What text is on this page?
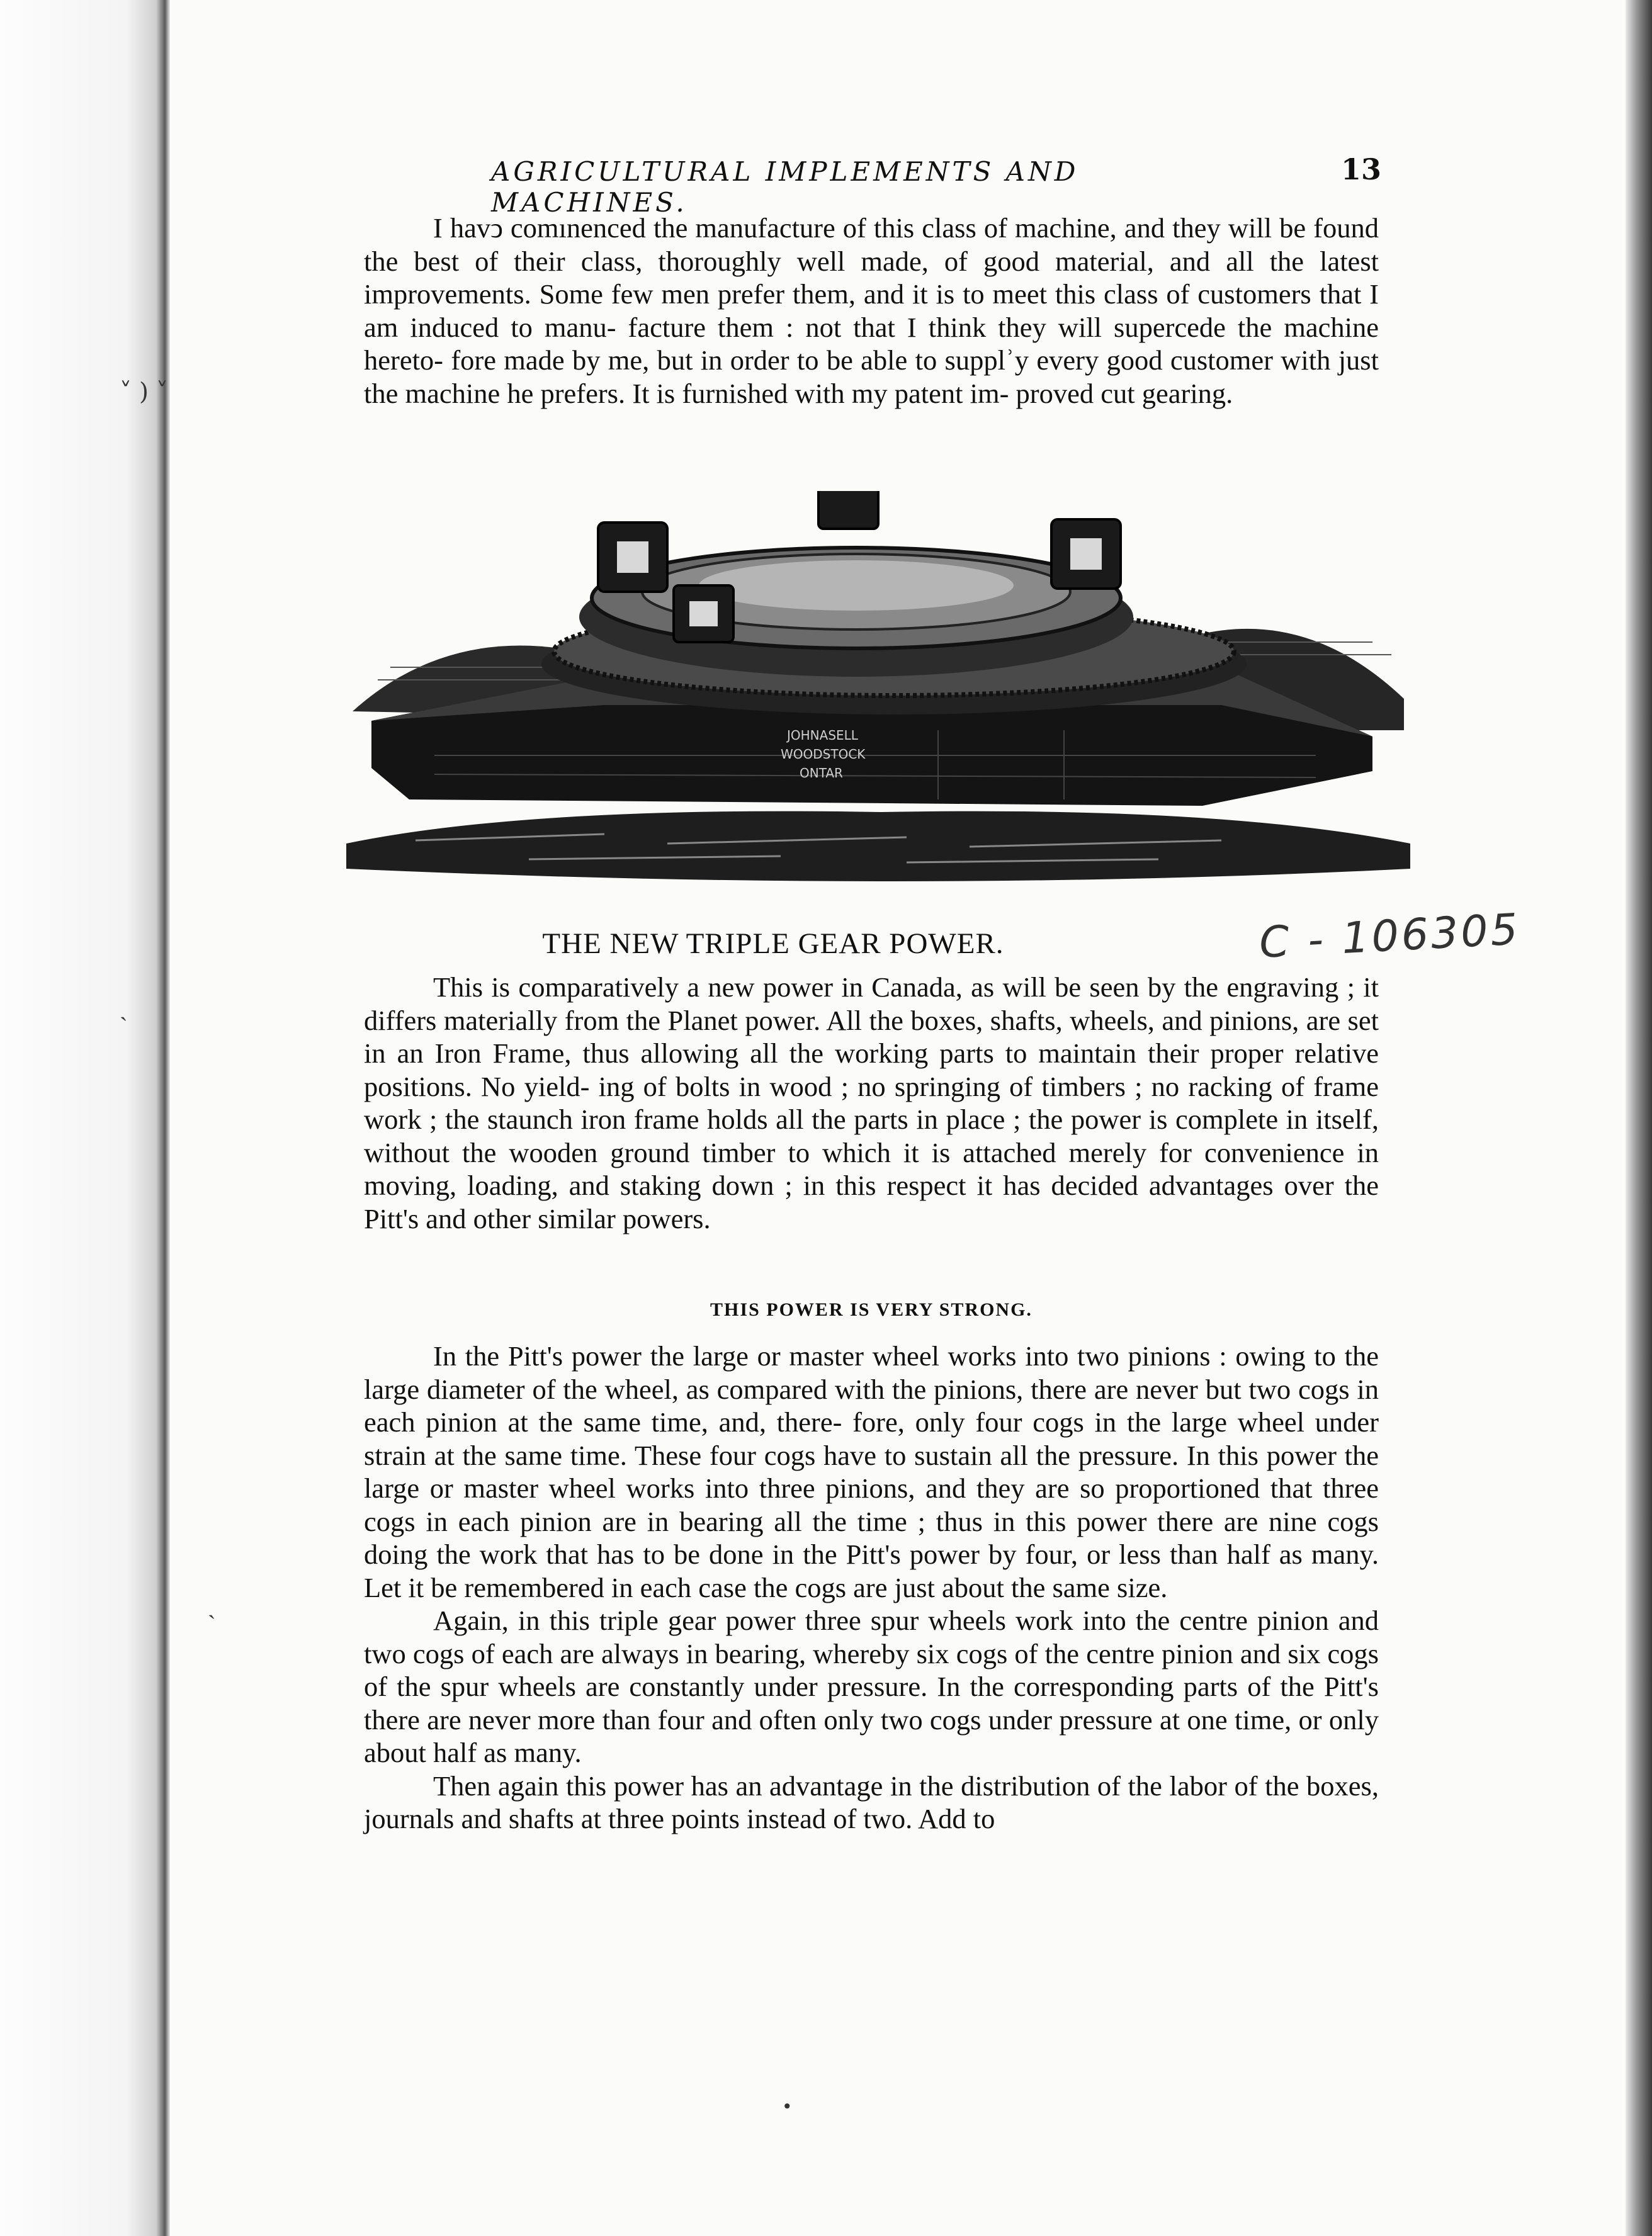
˅ ) ˅
˴
˴
AGRICULTURAL IMPLEMENTS AND MACHINES.
13

I havↄ comınenced the manufacture of this class of machine, and they will be found the best of their class, thoroughly well made, of good material, and all the latest improvements. Some few men prefer them, and it is to meet this class of customers that I am induced to manu- facture them : not that I think they will supercede the machine hereto- fore made by me, but in order to be able to supplʾy every good customer with just the machine he prefers. It is furnished with my patent im- proved cut gearing.

JOHNASELL
WOODSTOCK
ONTAR
THE NEW TRIPLE GEAR POWER.	C - 106305

This is comparatively a new power in Canada, as will be seen by the engraving ; it differs materially from the Planet power. All the boxes, shafts, wheels, and pinions, are set in an Iron Frame, thus allowing all the working parts to maintain their proper relative positions. No yield- ing of bolts in wood ; no springing of timbers ; no racking of frame work ; the staunch iron frame holds all the parts in place ; the power is complete in itself, without the wooden ground timber to which it is attached merely for convenience in moving, loading, and staking down ; in this respect it has decided advantages over the Pitt's and other similar powers.

THIS POWER IS VERY STRONG.

In the Pitt's power the large or master wheel works into two pinions : owing to the large diameter of the wheel, as compared with the pinions, there are never but two cogs in each pinion at the same time, and, there- fore, only four cogs in the large wheel under strain at the same time. These four cogs have to sustain all the pressure. In this power the large or master wheel works into three pinions, and they are so proportioned that three cogs in each pinion are in bearing all the time ; thus in this power there are nine cogs doing the work that has to be done in the Pitt's power by four, or less than half as many. Let it be remembered in each case the cogs are just about the same size.

Again, in this triple gear power three spur wheels work into the centre pinion and two cogs of each are always in bearing, whereby six cogs of the centre pinion and six cogs of the spur wheels are constantly under pressure. In the corresponding parts of the Pitt's there are never more than four and often only two cogs under pressure at one time, or only about half as many.

Then again this power has an advantage in the distribution of the labor of the boxes, journals and shafts at three points instead of two. Add to

•
